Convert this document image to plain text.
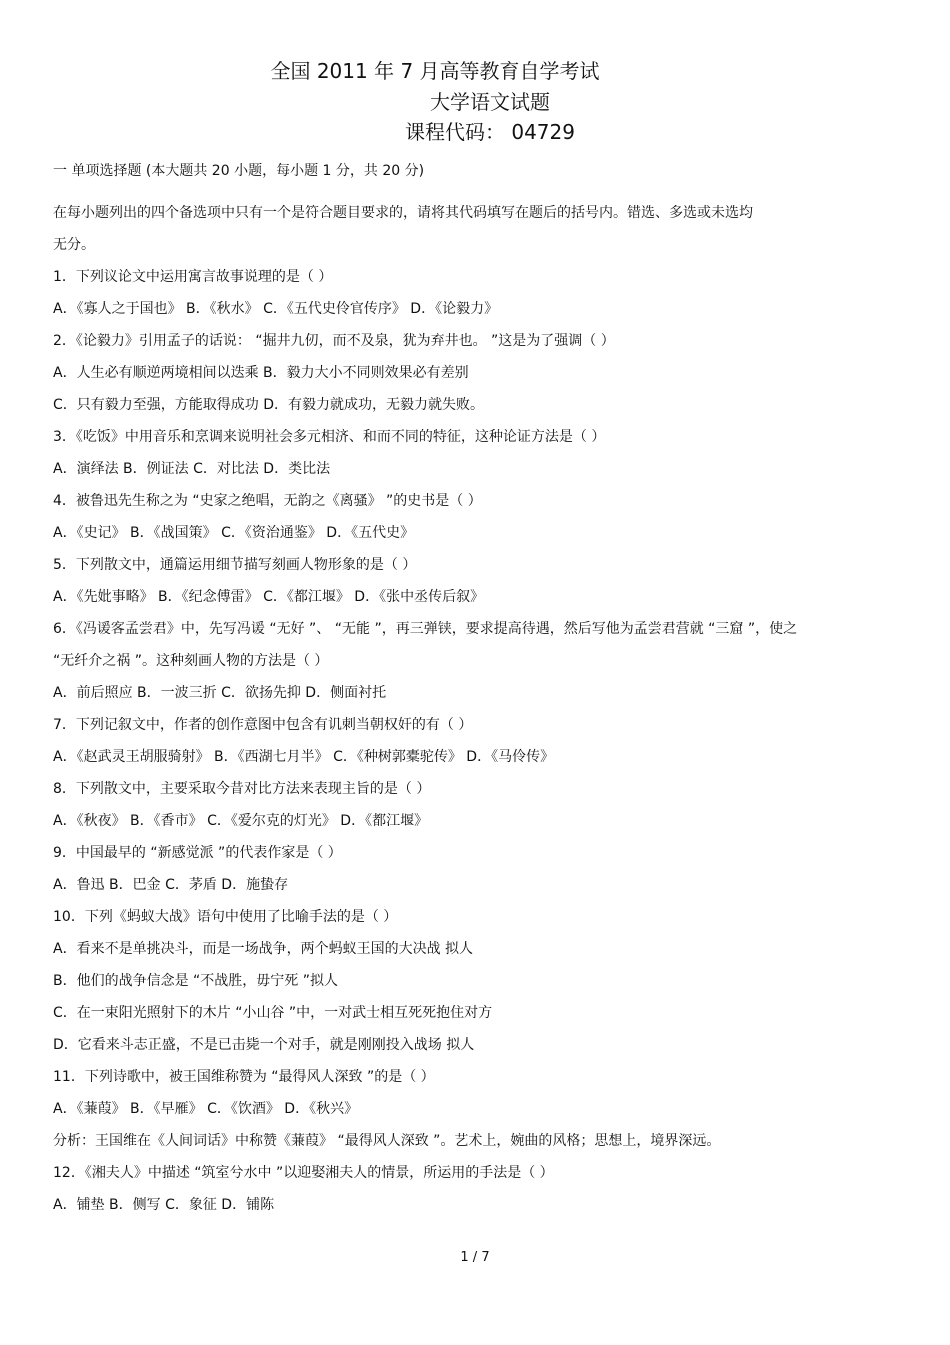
全国 2011 年 7 月高等教育自学考试
大学语文试题
课程代码： 04729
一 单项选择题 (本大题共 20 小题，每小题 1 分，共 20 分)
在每小题列出的四个备选项中只有一个是符合题目要求的，请将其代码填写在题后的括号内。错选、多选或未选均
无分。
1．下列议论文中运用寓言故事说理的是（ ）
A．《寡人之于国也》 B．《秋水》 C．《五代史伶官传序》 D．《论毅力》
2．《论毅力》引用孟子的话说： “掘井九仞，而不及泉，犹为弃井也。 ”这是为了强调（ ）
A．人生必有顺逆两境相间以迭乘 B．毅力大小不同则效果必有差别
C．只有毅力至强，方能取得成功 D．有毅力就成功，无毅力就失败。
3．《吃饭》中用音乐和烹调来说明社会多元相济、和而不同的特征，这种论证方法是（ ）
A．演绎法 B．例证法 C．对比法 D．类比法
4．被鲁迅先生称之为 “史家之绝唱，无韵之《离骚》 ”的史书是（ ）
A．《史记》 B．《战国策》 C．《资治通鉴》 D．《五代史》
5．下列散文中，通篇运用细节描写刻画人物形象的是（ ）
A．《先妣事略》 B．《纪念傅雷》 C．《都江堰》 D．《张中丞传后叙》
6．《冯谖客孟尝君》中，先写冯谖 “无好 ”、 “无能 ”，再三弹铗，要求提高待遇，然后写他为孟尝君营就 “三窟 ”，使之
“无纤介之祸 ”。这种刻画人物的方法是（ ）
A．前后照应 B．一波三折 C．欲扬先抑 D．侧面衬托
7．下列记叙文中，作者的创作意图中包含有讥刺当朝权奸的有（ ）
A．《赵武灵王胡服骑射》 B．《西湖七月半》 C．《种树郭橐驼传》 D．《马伶传》
8．下列散文中，主要采取今昔对比方法来表现主旨的是（ ）
A．《秋夜》 B．《香市》 C．《爱尔克的灯光》 D．《都江堰》
9．中国最早的 “新感觉派 ”的代表作家是（ ）
A．鲁迅 B．巴金 C．茅盾 D．施蛰存
10．下列《蚂蚁大战》语句中使用了比喻手法的是（ ）
A．看来不是单挑决斗，而是一场战争，两个蚂蚁王国的大决战 拟人
B．他们的战争信念是 “不战胜，毋宁死 ”拟人
C．在一束阳光照射下的木片 “小山谷 ”中，一对武士相互死死抱住对方
D．它看来斗志正盛，不是已击毙一个对手，就是刚刚投入战场 拟人
11．下列诗歌中，被王国维称赞为 “最得风人深致 ”的是（ ）
A．《蒹葭》 B．《早雁》 C．《饮酒》 D．《秋兴》
分析：王国维在《人间词话》中称赞《蒹葭》 “最得风人深致 ”。艺术上，婉曲的风格；思想上，境界深远。
12．《湘夫人》中描述 “筑室兮水中 ”以迎娶湘夫人的情景，所运用的手法是（ ）
A．铺垫 B．侧写 C．象征 D．铺陈
1 / 7
